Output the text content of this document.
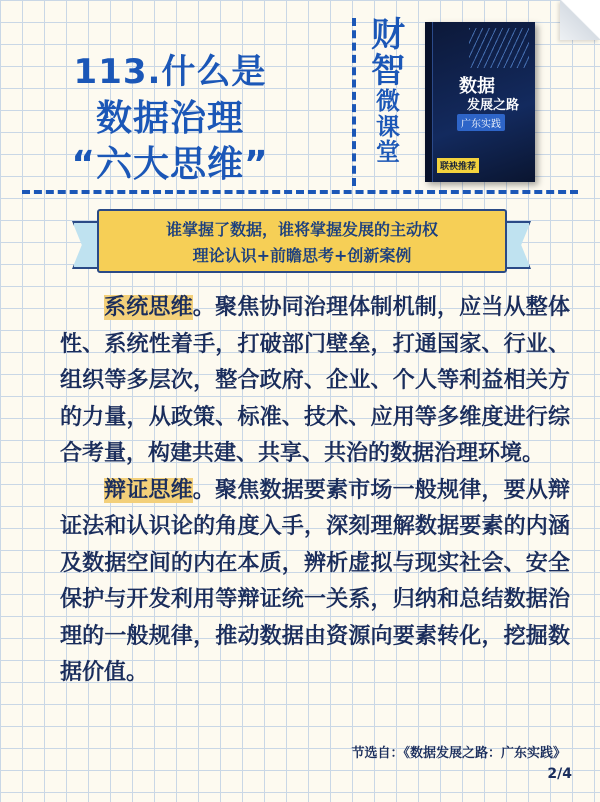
113.什么是
数据治理
“六大思维”
财
智
微
课
堂
数据
发展之路
广东实践
联袂推荐
谁掌握了数据，谁将掌握发展的主动权
理论认识+前瞻思考+创新案例

系统思维。聚焦协同治理体制机制，应当从整体性、系统性着手，打破部门壁垒，打通国家、行业、组织等多层次，整合政府、企业、个人等利益相关方的力量，从政策、标准、技术、应用等多维度进行综合考量，构建共建、共享、共治的数据治理环境。

辩证思维。聚焦数据要素市场一般规律，要从辩证法和认识论的角度入手，深刻理解数据要素的内涵及数据空间的内在本质，辨析虚拟与现实社会、安全保护与开发利用等辩证统一关系，归纳和总结数据治理的一般规律，推动数据由资源向要素转化，挖掘数据价值。

节选自：《数据发展之路：广东实践》
2/4
